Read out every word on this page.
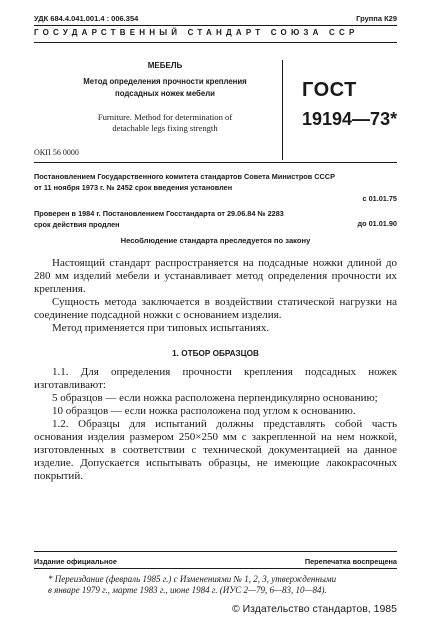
УДК 684.4.041.001.4 : 006.354	Группа К29
ГОСУДАРСТВЕННЫЙ СТАНДАРТ СОЮЗА ССР
МЕБЕЛЬ
Метод определения прочности крепления
подсадных ножек мебели
Furniture. Method for determination of
detachable legs fixing strength
ГОСТ
19194—73*
ОКП 56 0000
Постановлением Государственного комитета стандартов Совета Министров СССР
от 11 ноября 1973 г. № 2452 срок введения установлен
с 01.01.75
Проверен в 1984 г. Постановлением Госстандарта от 29.06.84 № 2283
срок действия продлен	до 01.01.90
Несоблюдение стандарта преследуется по закону

Настоящий стандарт распространяется на подсадные ножки длиной до 280 мм изделий мебели и устанавливает метод определения прочности их крепления.

Сущность метода заключается в воздействии статической нагрузки на соединение подсадной ножки с основанием изделия.

Метод применяется при типовых испытаниях.

1. ОТБОР ОБРАЗЦОВ

1.1. Для определения прочности крепления подсадных ножек изготавливают:

5 образцов — если ножка расположена перпендикулярно основанию;

10 образцов — если ножка расположена под углом к основанию.

1.2. Образцы для испытаний должны представлять собой часть основания изделия размером 250×250 мм с закрепленной на нем ножкой, изготовленных в соответствии с технической документацией на данное изделие. Допускается испытывать образцы, не имеющие лакокрасочных покрытий.

Издание официальное	Перепечатка воспрещена
* Переиздание (февраль 1985 г.) с Изменениями № 1, 2, 3, утвержденными
в январе 1979 г., марте 1983 г., июне 1984 г. (ИУС 2—79, 6—83, 10—84).
© Издательство стандартов, 1985
